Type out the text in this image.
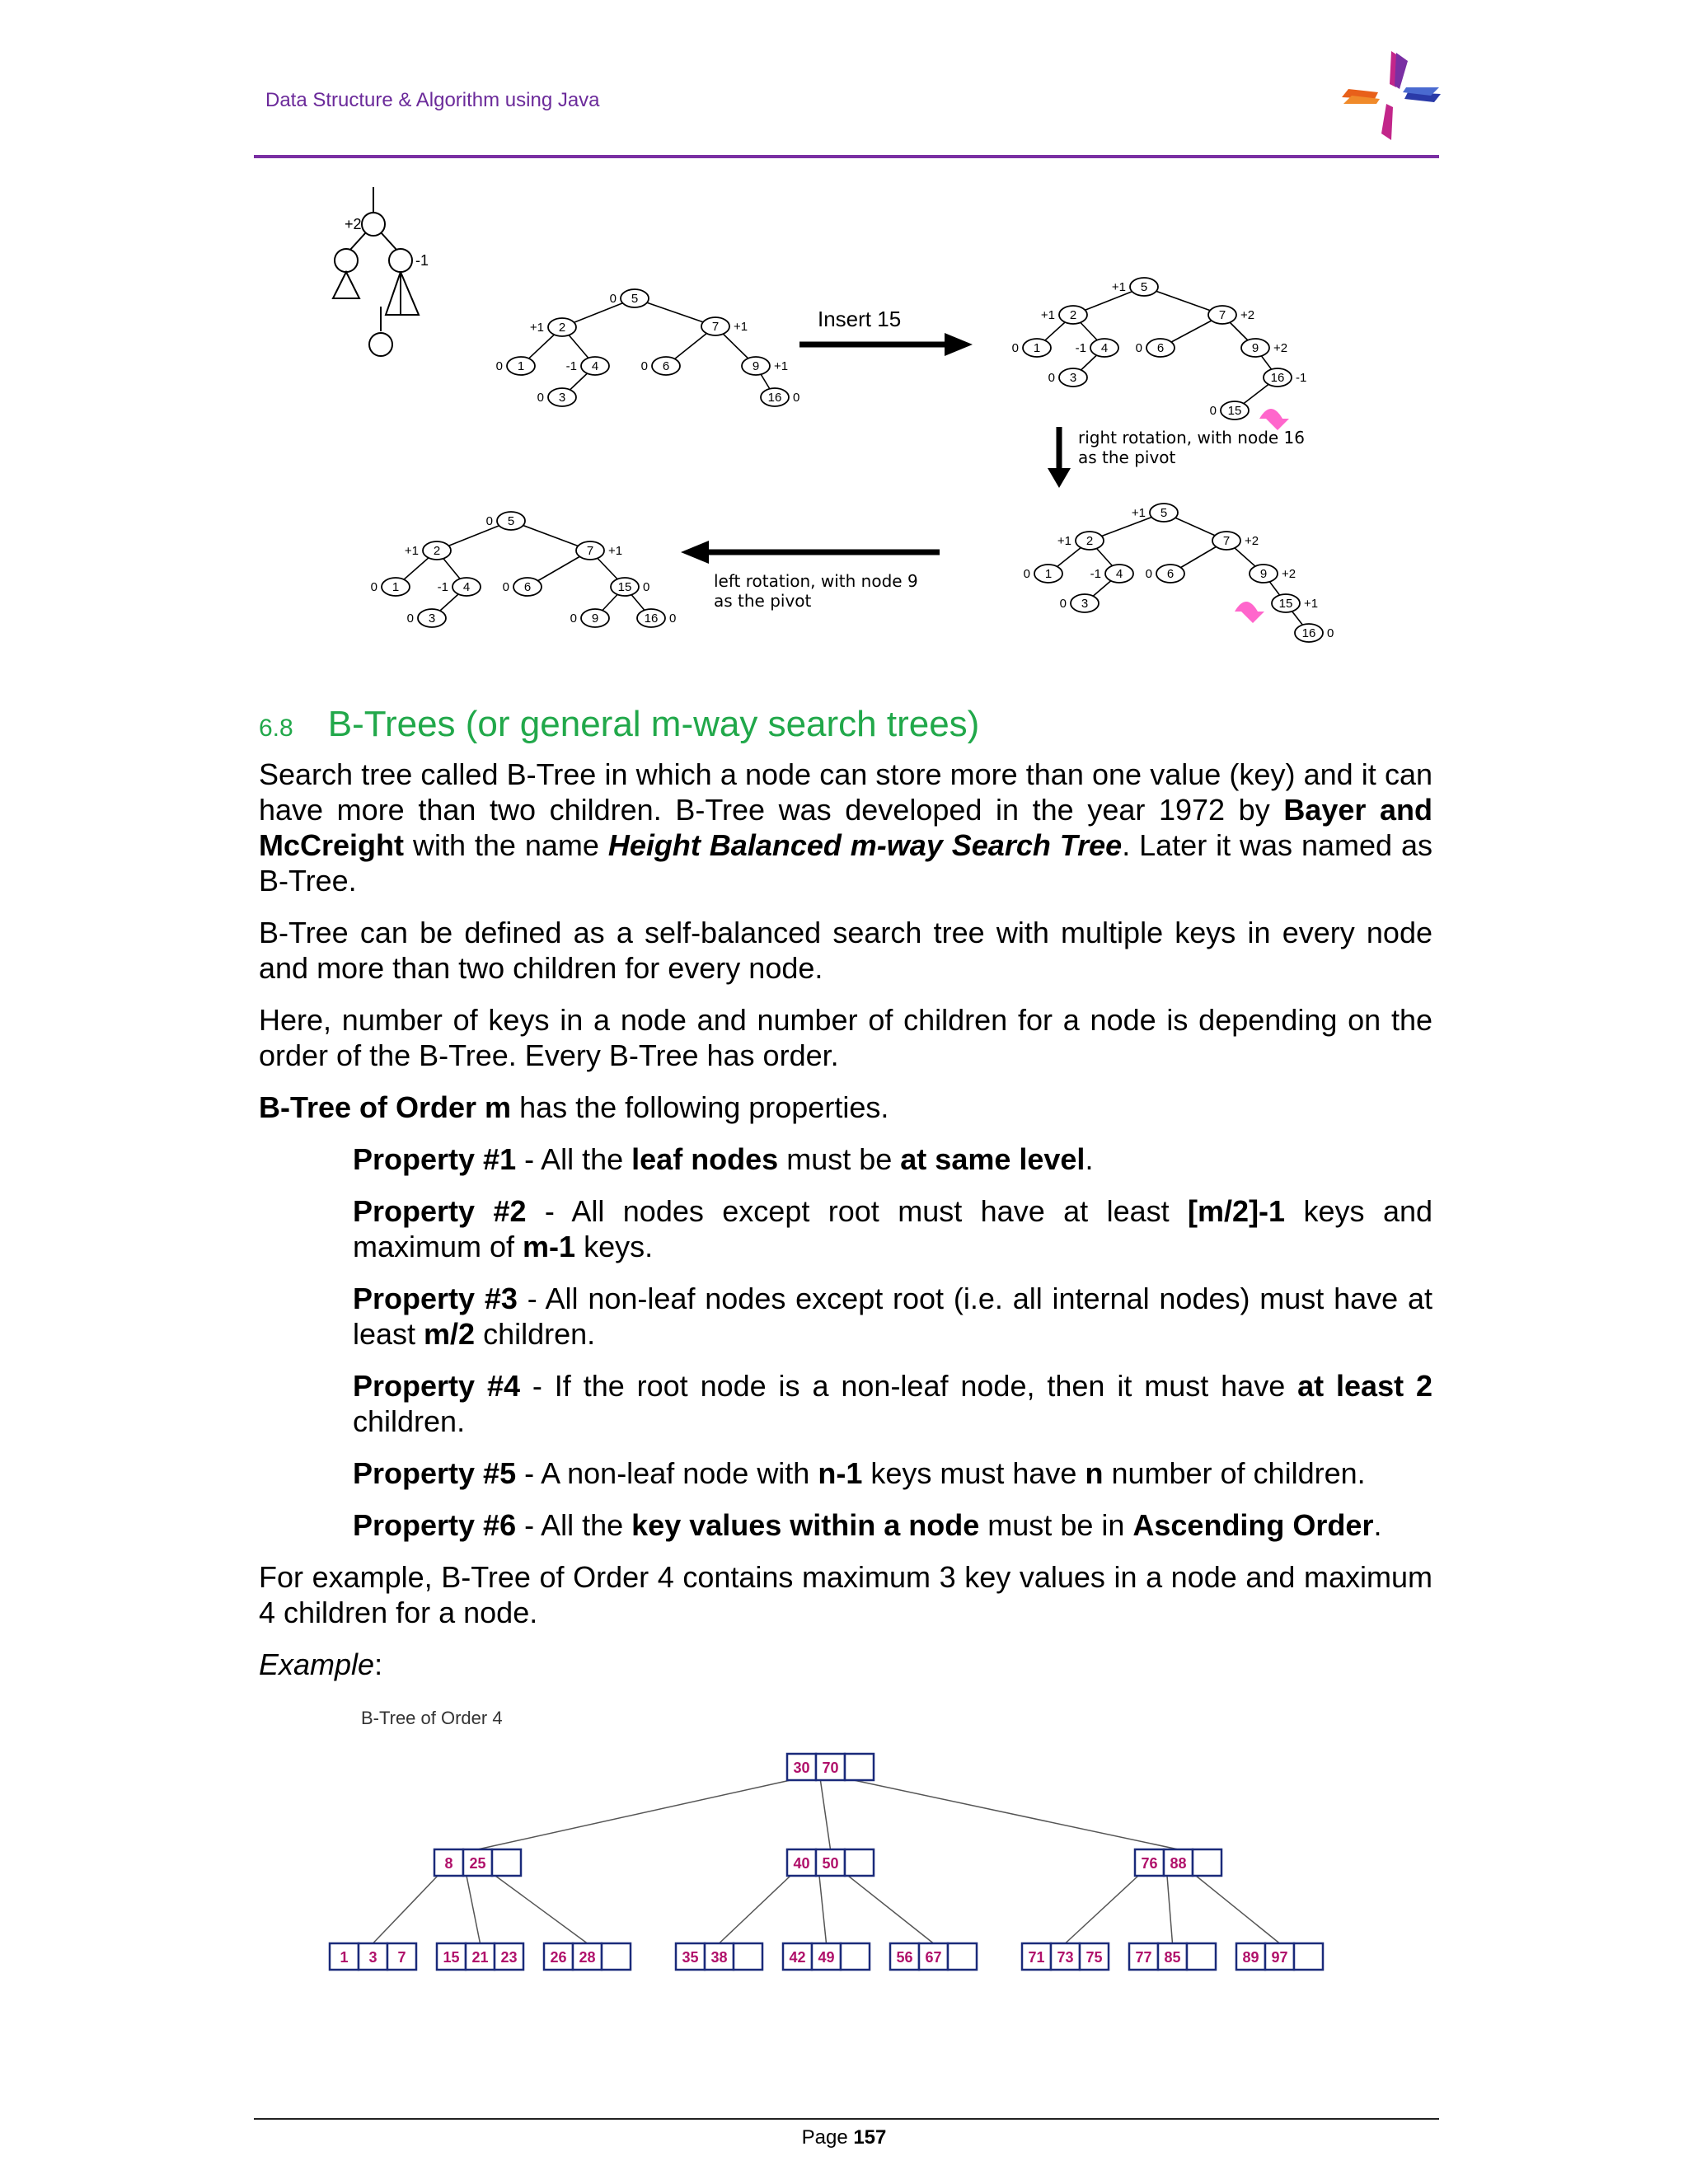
Data Structure & Algorithm using Java
+2
-1
5
0
2
+1	7 +1
1
0	4
-1	6
0	9 +1
3
0	16 0
Insert 15
5
+1
2
+1	7 +2
1
0	4
-1	6
0	9 +2
3
0	16 -1
15
0
right rotation, with node 16
as the pivot
5
+1
2
+1	7 +2
1
0	4
-1	6
0	9 +2
3
0	15 +1
16 0
left rotation, with node 9
as the pivot
5
0
2
+1	7 +1
1
0	4
-1	6
0	15 0
3
0	9
0	16 0
6.8 B-Trees (or general m-way search trees)

Search tree called B-Tree in which a node can store more than one value (key) and it can have more than two children. B-Tree was developed in the year 1972 by Bayer and McCreight with the name Height Balanced m-way Search Tree. Later it was named as B-Tree.

B-Tree can be defined as a self-balanced search tree with multiple keys in every node and more than two children for every node.

Here, number of keys in a node and number of children for a node is depending on the order of the B-Tree. Every B-Tree has order.

B-Tree of Order m has the following properties.

Property #1 - All the leaf nodes must be at same level.

Property #2 - All nodes except root must have at least [m/2]-1 keys and maximum of m-1 keys.

Property #3 - All non-leaf nodes except root (i.e. all internal nodes) must have at least m/2 children.

Property #4 - If the root node is a non-leaf node, then it must have at least 2 children.

Property #5 - A non-leaf node with n-1 keys must have n number of children.

Property #6 - All the key values within a node must be in Ascending Order.

For example, B-Tree of Order 4 contains maximum 3 key values in a node and maximum 4 children for a node.

Example:

B-Tree of Order 4
30 70
8 25	40 50	76 88
1 3 7 15 21 23 26 28	35 38	42 49	56 67	71 73 75 77 85	89 97
Page 157
